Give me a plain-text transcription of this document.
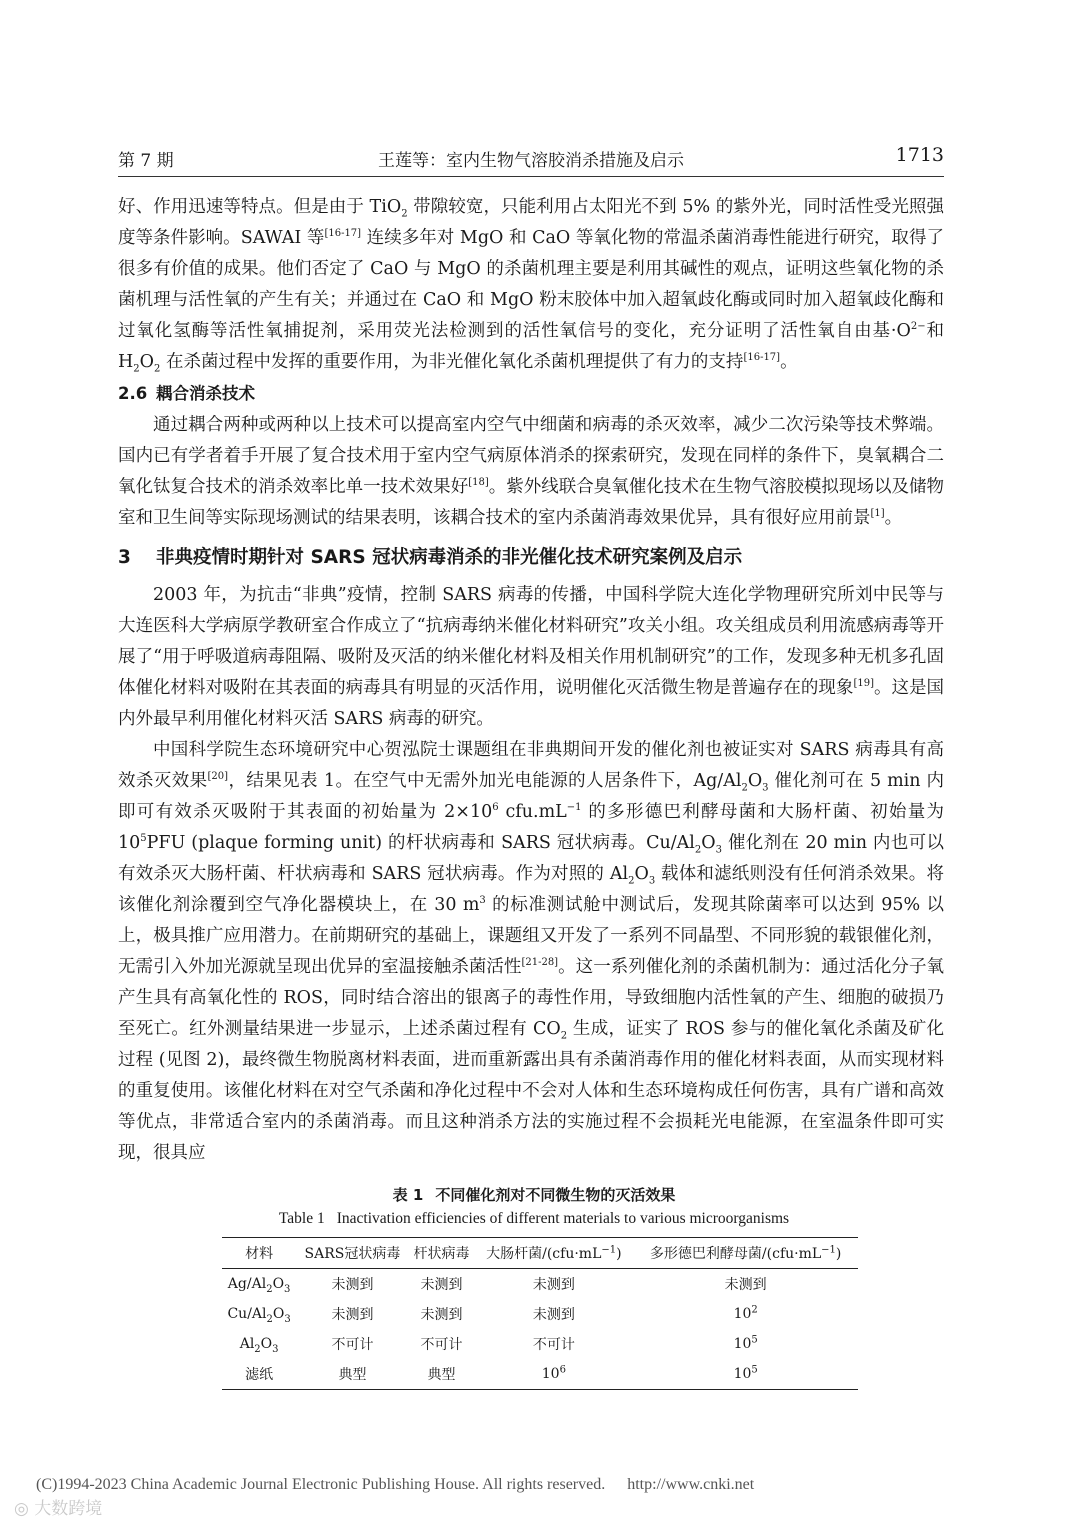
第 7 期	王莲等：室内生物气溶胶消杀措施及启示	1713

好、作用迅速等特点。但是由于 TiO$_2$ 带隙较宽，只能利用占太阳光不到 5% 的紫外光，同时活性受光照强度等条件影响。SAWAI 等[16-17] 连续多年对 MgO 和 CaO 等氧化物的常温杀菌消毒性能进行研究，取得了很多有价值的成果。他们否定了 CaO 与 MgO 的杀菌机理主要是利用其碱性的观点，证明这些氧化物的杀菌机理与活性氧的产生有关；并通过在 CaO 和 MgO 粉末胶体中加入超氧歧化酶或同时加入超氧歧化酶和过氧化氢酶等活性氧捕捉剂，采用荧光法检测到的活性氧信号的变化，充分证明了活性氧自由基$\cdot O^{2-}$和 $H_2O_2$ 在杀菌过程中发挥的重要作用，为非光催化氧化杀菌机理提供了有力的支持[16-17]。

2.6 耦合消杀技术

通过耦合两种或两种以上技术可以提高室内空气中细菌和病毒的杀灭效率，减少二次污染等技术弊端。国内已有学者着手开展了复合技术用于室内空气病原体消杀的探索研究，发现在同样的条件下，臭氧耦合二氧化钛复合技术的消杀效率比单一技术效果好[18]。紫外线联合臭氧催化技术在生物气溶胶模拟现场以及储物室和卫生间等实际现场测试的结果表明，该耦合技术的室内杀菌消毒效果优异，具有很好应用前景[1]。

3 非典疫情时期针对 SARS 冠状病毒消杀的非光催化技术研究案例及启示

2003 年，为抗击“非典”疫情，控制 SARS 病毒的传播，中国科学院大连化学物理研究所刘中民等与大连医科大学病原学教研室合作成立了“抗病毒纳米催化材料研究”攻关小组。攻关组成员利用流感病毒等开展了“用于呼吸道病毒阻隔、吸附及灭活的纳米催化材料及相关作用机制研究”的工作，发现多种无机多孔固体催化材料对吸附在其表面的病毒具有明显的灭活作用，说明催化灭活微生物是普遍存在的现象[19]。这是国内外最早利用催化材料灭活 SARS 病毒的研究。

中国科学院生态环境研究中心贺泓院士课题组在非典期间开发的催化剂也被证实对 SARS 病毒具有高效杀灭效果[20]，结果见表 1。在空气中无需外加光电能源的人居条件下，$Ag/Al_2O_3$ 催化剂可在 5 min 内即可有效杀灭吸附于其表面的初始量为 $2\times 10^6$ $cfu.mL^{-1}$ 的多形德巴利酵母菌和大肠杆菌、初始量为 $10^5PFU$ (plaque forming unit) 的杆状病毒和 SARS 冠状病毒。$Cu/Al_2O_3$ 催化剂在 20 min 内也可以有效杀灭大肠杆菌、杆状病毒和 SARS 冠状病毒。作为对照的 $Al_2O_3$ 载体和滤纸则没有任何消杀效果。将该催化剂涂覆到空气净化器模块上，在 30 $m^3$ 的标准测试舱中测试后，发现其除菌率可以达到 95% 以上，极具推广应用潜力。在前期研究的基础上，课题组又开发了一系列不同晶型、不同形貌的载银催化剂，无需引入外加光源就呈现出优异的室温接触杀菌活性[21-28]。这一系列催化剂的杀菌机制为：通过活化分子氧产生具有高氧化性的 ROS，同时结合溶出的银离子的毒性作用，导致细胞内活性氧的产生、细胞的破损乃至死亡。红外测量结果进一步显示，上述杀菌过程有 $CO_2$ 生成，证实了 ROS 参与的催化氧化杀菌及矿化过程 (见图 2)，最终微生物脱离材料表面，进而重新露出具有杀菌消毒作用的催化材料表面，从而实现材料的重复使用。该催化材料在对空气杀菌和净化过程中不会对人体和生态环境构成任何伤害，具有广谱和高效等优点，非常适合室内的杀菌消毒。而且这种消杀方法的实施过程不会损耗光电能源，在室温条件即可实现，很具应

表 1 不同催化剂对不同微生物的灭活效果
Table 1 Inactivation efficiencies of different materials to various microorganisms
材料	SARS冠状病毒	杆状病毒	大肠杆菌$/(cfu\cdot mL^{-1})$	多形德巴利酵母菌$/(cfu\cdot mL^{-1})$
$Ag/Al_2O_3$	未测到	未测到	未测到	未测到
$Cu/Al_2O_3$	未测到	未测到	未测到	$10^2$
$Al_2O_3$	不可计	不可计	不可计	$10^5$
滤纸	典型	典型	$10^6$	$10^5$
(C)1994-2023 China Academic Journal Electronic Publishing House. All rights reserved. http://www.cnki.net
◎ 大数跨境
